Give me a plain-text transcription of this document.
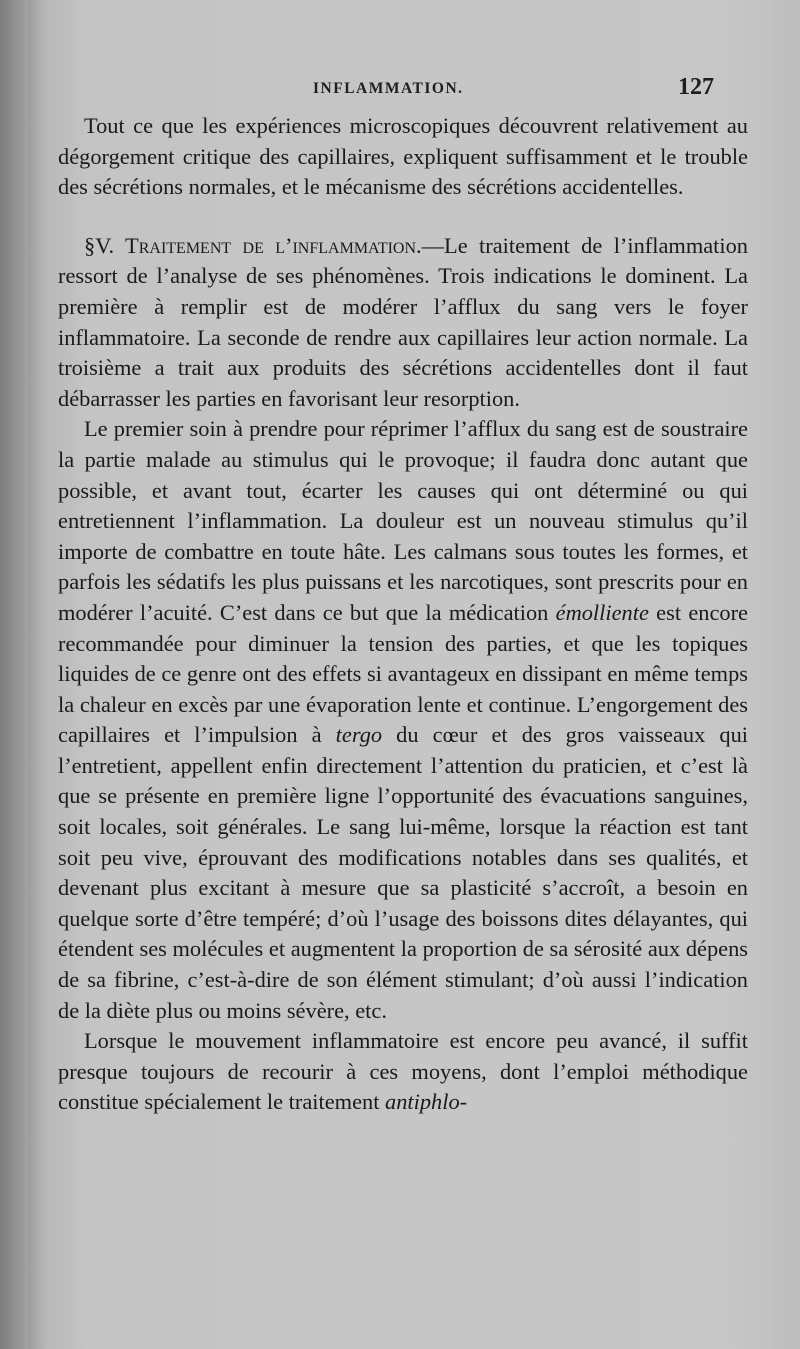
INFLAMMATION.	127

Tout ce que les expériences microscopiques découvrent relativement au dégorgement critique des capillaires, expliquent suffisamment et le trouble des sécrétions normales, et le mécanisme des sécrétions accidentelles.

§V. Traitement de l’inflammation.—Le traitement de l’inflammation ressort de l’analyse de ses phénomènes. Trois indications le dominent. La première à remplir est de modérer l’afflux du sang vers le foyer inflammatoire. La seconde de rendre aux capillaires leur action normale. La troisième a trait aux produits des sécrétions accidentelles dont il faut débarrasser les parties en favorisant leur resorption.

Le premier soin à prendre pour réprimer l’afflux du sang est de soustraire la partie malade au stimulus qui le provoque; il faudra donc autant que possible, et avant tout, écarter les causes qui ont déterminé ou qui entretiennent l’inflammation. La douleur est un nouveau stimulus qu’il importe de combattre en toute hâte. Les calmans sous toutes les formes, et parfois les sédatifs les plus puissans et les narcotiques, sont prescrits pour en modérer l’acuité. C’est dans ce but que la médication émolliente est encore recommandée pour diminuer la tension des parties, et que les topiques liquides de ce genre ont des effets si avantageux en dissipant en même temps la chaleur en excès par une évaporation lente et continue. L’engorgement des capillaires et l’impulsion à tergo du cœur et des gros vaisseaux qui l’entretient, appellent enfin directement l’attention du praticien, et c’est là que se présente en première ligne l’opportunité des évacuations sanguines, soit locales, soit générales. Le sang lui-même, lorsque la réaction est tant soit peu vive, éprouvant des modifications notables dans ses qualités, et devenant plus excitant à mesure que sa plasticité s’accroît, a besoin en quelque sorte d’être tempéré; d’où l’usage des boissons dites délayantes, qui étendent ses molécules et augmentent la proportion de sa sérosité aux dépens de sa fibrine, c’est-à-dire de son élément stimulant; d’où aussi l’indication de la diète plus ou moins sévère, etc.

Lorsque le mouvement inflammatoire est encore peu avancé, il suffit presque toujours de recourir à ces moyens, dont l’emploi méthodique constitue spécialement le traitement antiphlo-
